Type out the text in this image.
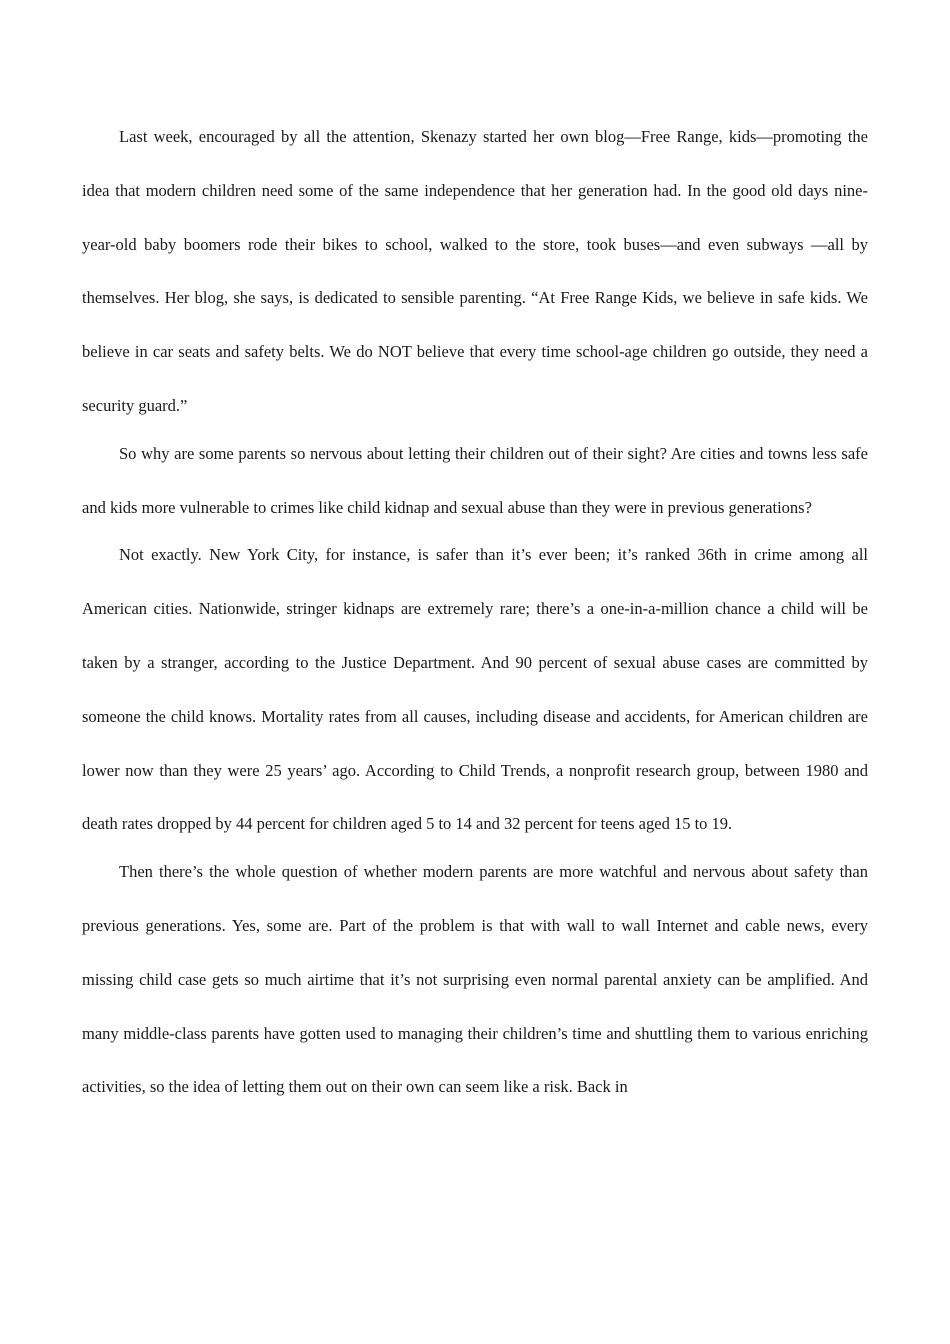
Last week, encouraged by all the attention, Skenazy started her own blog—Free Range, kids—promoting the idea that modern children need some of the same independence that her generation had. In the good old days nine-year-old baby boomers rode their bikes to school, walked to the store, took buses—and even subways —all by themselves. Her blog, she says, is dedicated to sensible parenting. “At Free Range Kids, we believe in safe kids. We believe in car seats and safety belts. We do NOT believe that every time school-age children go outside, they need a security guard.”

So why are some parents so nervous about letting their children out of their sight? Are cities and towns less safe and kids more vulnerable to crimes like child kidnap and sexual abuse than they were in previous generations?

Not exactly. New York City, for instance, is safer than it’s ever been; it’s ranked 36th in crime among all American cities. Nationwide, stringer kidnaps are extremely rare; there’s a one-in-a-million chance a child will be taken by a stranger, according to the Justice Department. And 90 percent of sexual abuse cases are committed by someone the child knows. Mortality rates from all causes, including disease and accidents, for American children are lower now than they were 25 years’ ago. According to Child Trends, a nonprofit research group, between 1980 and death rates dropped by 44 percent for children aged 5 to 14 and 32 percent for teens aged 15 to 19.

Then there’s the whole question of whether modern parents are more watchful and nervous about safety than previous generations. Yes, some are. Part of the problem is that with wall to wall Internet and cable news, every missing child case gets so much airtime that it’s not surprising even normal parental anxiety can be amplified. And many middle-class parents have gotten used to managing their children’s time and shuttling them to various enriching activities, so the idea of letting them out on their own can seem like a risk. Back in
